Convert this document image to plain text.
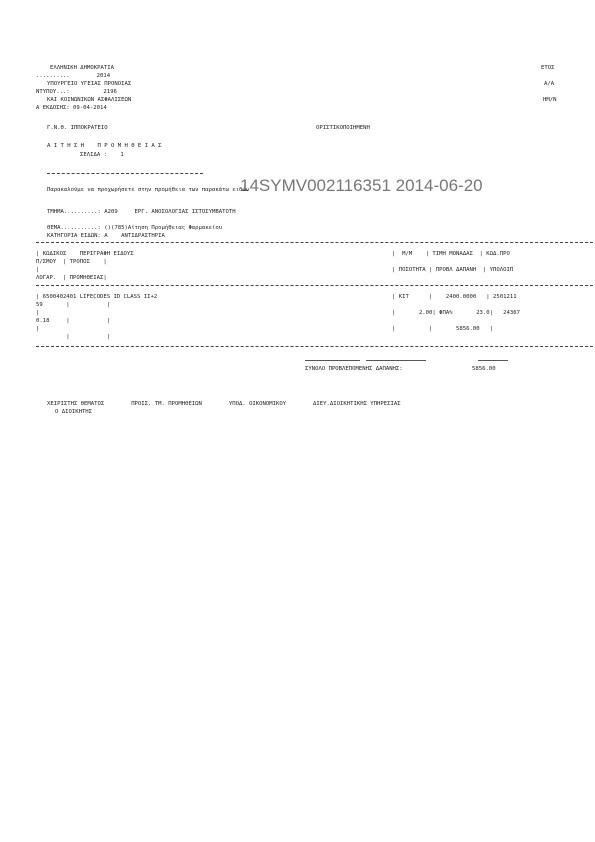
ΕΛΛΗΝΙΚΗ ΔΗΜΟΚΡΑΤΙΑ	ΕΤΟΣ
..........        2014
ΥΠΟΥΡΓΕΙΟ ΥΓΕΙΑΣ ΠΡΟΝΟΙΑΣ	Α/Α
ΝΤΥΠΟΥ...:          2196
ΚΑΙ ΚΟΙΝΩΝΙΚΩΝ ΑΣΦΑΛΙΣΕΩΝ	ΗΜ/Ν
Α ΕΚΔΟΣΗΣ: 09-04-2014
Γ.Ν.Θ. ΙΠΠΟΚΡΑΤΕΙΟ	ΟΡΙΣΤΙΚΟΠΟΙΗΜΕΝΗ
Α Ι Τ Η Σ Η    Π Ρ Ο Μ Η Θ Ε Ι Α Σ
ΣΕΛΙΔΑ :    1
14SYMV002116351 2014-06-20
Παρακαλούμε να προχωρήσετε στην προμήθεια των παρακάτω ειδών
ΤΜΗΜΑ..........: Α209     ΕΡΓ. ΑΝΟΣΟΛΟΓΙΑΣ ΙΣΤΟΣΥΜΒΑΤΟΤΗ
ΘΕΜΑ...........: ()(785)Αίτηση Προμήθειας Φαρμακείου
ΚΑΤΗΓΟΡΙΑ ΕΙΔΩΝ: Α    ΑΝΤΙΔΡΑΣΤΗΡΙΑ
| ΚΩΔΙΚΟΣ    ΠΕΡΙΓΡΑΦΗ ΕΙΔΟΥΣ	|  Μ/Μ    | ΤΙΜΗ ΜΟΝΑΔΑΣ  | ΚΩΔ.ΠΡΟ
Π/ΣΜΟΥ  | ΤΡΟΠΟΣ    |
|	| ΠΟΣΟΤΗΤΑ | ΠΡΟΒΛ ΔΑΠΑΝΗ  | ΥΠΟΛΟΙΠ
ΛΟΓΑΡ.  | ΠΡΟΜΗΘΕΙΑΣ|
| 6500402401 LIFECODES ID CLASS II+2	| KIT      |    2400.0000   | 2501211
59       |           |
|	|       2.00| ΦΠΑ%       23.0|   24367
0.18     |           |
|	|          |       5856.00   |
|           |
ΣΥΝΟΛΟ ΠΡΟΒΛΕΠΟΜΕΝΗΣ ΔΑΠΑΝΗΣ:	5856.00
ΧΕΙΡΙΣΤΗΣ ΘΕΜΑΤΟΣ        ΠΡΟΙΣ. ΤΜ. ΠΡΟΜΗΘΕΙΩΝ        ΥΠΟΔ. ΟΙΚΟΝΟΜΙΚΟΥ        ΔΙΕΥ.ΔΙΟΙΚΗΤΙΚΗΣ ΥΠΗΡΕΣΙΑΣ
Ο ΔΙΟΙΚΗΤΗΣ
